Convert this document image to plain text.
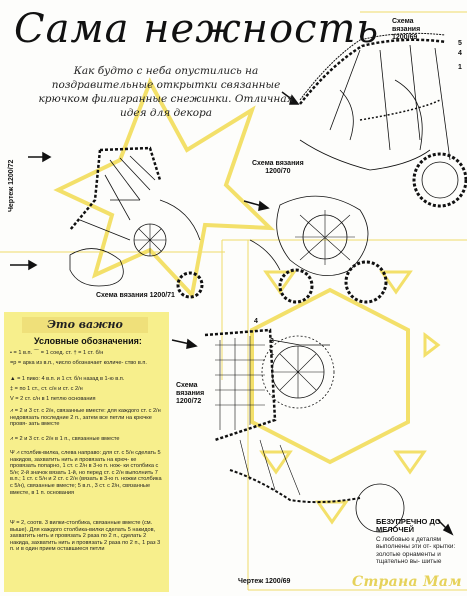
Сама нежность
Как будто с неба опустились на поздравительные открытки связанные крючком филигранные снежинки. Отличная идея для декора
Схема
вязания
1200/69
Схема вязания
1200/70
Схема вязания 1200/71
Схема
вязания
1200/72
Чертеж 1200/72
Чертеж 1200/69
5
4
1
4
3
1
Это важно
Условные обозначения:
• = 1 в.п. ⌒ = 1 соед. ст. † = 1 ст. б/н
=р = арка из в.п., число обозначает количе- ство в.п.
▲ = 1 пико: 4 в.п. и 1 ст. б/н назад в 1-ю в.п.
‡ = по 1 ст., ст. с/н и ст. с 2/н
V = 2 ст. с/н в 1 петлю основания
⩘ = 2 и 3 ст. с 2/н, связанные вместе: для каждого ст. с 2/н недовязать последние 2 п., затем все петли на крючке провя- зать вместе
⩘ = 2 и 3 ст. с 2/н в 1 п., связанные вместе
Ψ ⩘ столбик-вилка, слева направо: для ст. с 5/н сделать 5 накидов, захватить нить и провязать на крюч- ке провязать попарно, 1 ст. с 2/н в 3-ю п. нож- ки столбика с 5/н; 2-й значок вязать 1-й, но перед ст. с 2/н выполнить 7 в.п.; 1 ст. с 5/н и 2 ст. с 2/н (вязать в 3-ю п. ножки столбика с 5/н), связанные вместе; 5 в.п., 3 ст. с 2/н, связанные вместе, в 1 п. основания
Ψ = 2, соотв. 3 вилки-столбика, связанные вместе (см. выше). Для каждого столбика-вилки сделать 5 накидов, захватить нить и провязать 2 раза по 2 п., сделать 2 накида, захватить нить и провязать 2 раза по 2 п., 1 раз 3 п. и в один прием оставшиеся петли
БЕЗУПРЕЧНО ДО МЕЛОЧЕЙ
С любовью к деталям выполнены эти от- крытки: золотые орнаменты и тщательно вы- шитые
Страна Мам
